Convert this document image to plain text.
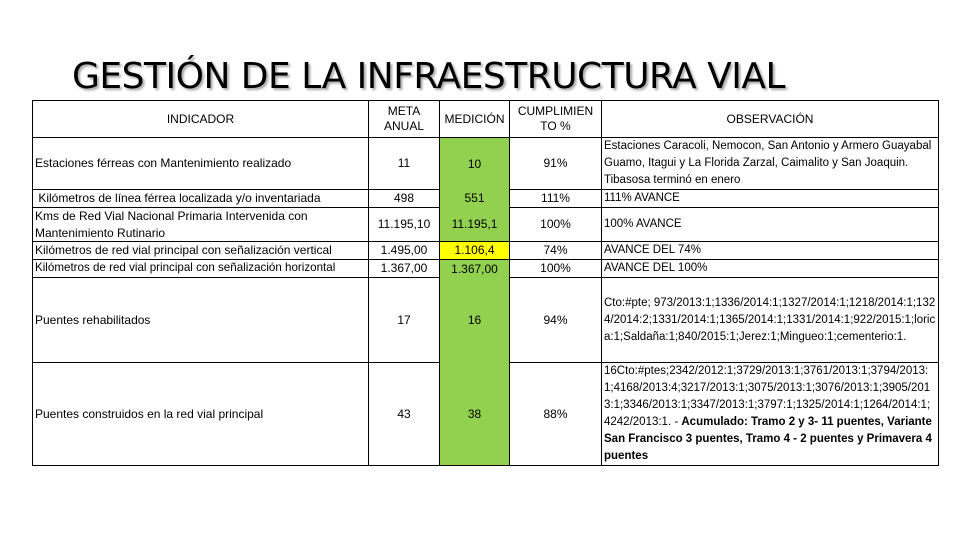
GESTIÓN DE LA INFRAESTRUCTURA VIAL
INDICADOR	META ANUAL	MEDICIÓN	CUMPLIMIEN TO %	OBSERVACIÓN
Estaciones férreas con Mantenimiento realizado	11	10	91%	Estaciones Caracoli, Nemocon, San Antonio y Armero Guayabal Guamo, Itagui y La Florida Zarzal, Caimalito y San Joaquin. Tibasosa terminó en enero
Kilómetros de línea férrea localizada y/o inventariada	498	551	111%	111% AVANCE
Kms de Red Vial Nacional Primaria Intervenida con Mantenimiento Rutinario	11.195,10	11.195,1	100%	100% AVANCE
Kilómetros de red vial principal con señalización vertical	1.495,00	1.106,4	74%	AVANCE DEL 74%
Kilómetros de red vial principal con señalización horizontal	1.367,00	1.367,00	100%	AVANCE DEL 100%
Puentes rehabilitados	17	16	94%	Cto:#pte; 973/2013:1;1336/2014:1;1327/2014:1;1218/2014:1;1324/2014:2;1331/2014:1;1365/2014:1;1331/2014:1;922/2015:1;lorica:1;Saldaña:1;840/2015:1;Jerez:1;Mingueo:1;cementerio:1.
Puentes construidos en la red vial principal	43	38	88%	16Cto:#ptes;2342/2012:1;3729/2013:1;3761/2013:1;3794/2013:1;4168/2013:4;3217/2013:1;3075/2013:1;3076/2013:1;3905/2013:1;3346/2013:1;3347/2013:1;3797:1;1325/2014:1;1264/2014:1;4242/2013:1. - Acumulado: Tramo 2 y 3- 11 puentes, Variante San Francisco 3 puentes, Tramo 4 - 2 puentes y Primavera 4 puentes
